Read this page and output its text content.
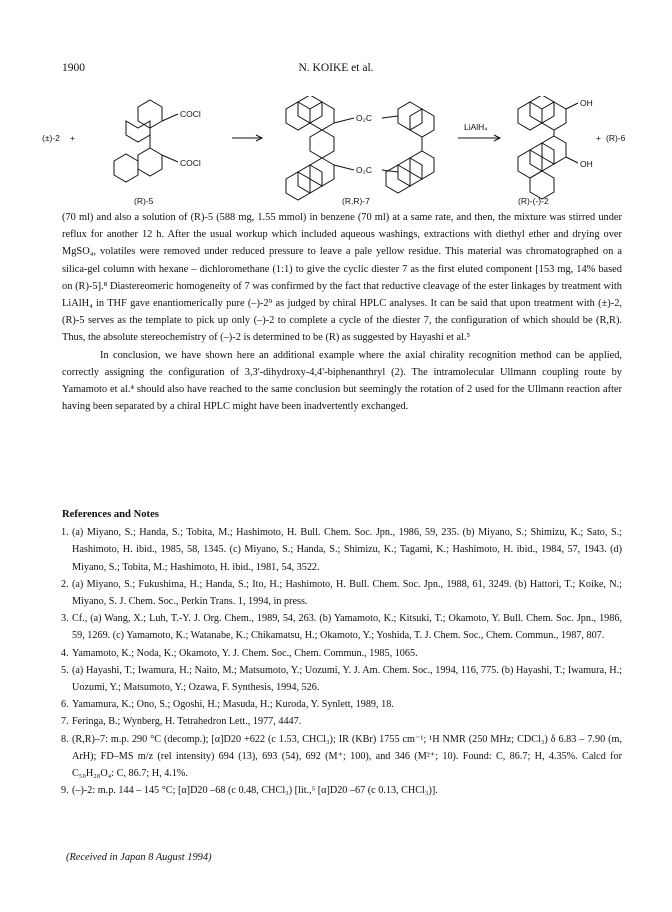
1900	N. KOIKE et al.
(±)-2 +
COCl
COCl
(R)-5
O₂C
O₂C
(R,R)-7
LiAlH₄
OH
OH
(R)-(-)-2
+ (R)-6

(70 ml) and also a solution of (R)-5 (588 mg, 1.55 mmol) in benzene (70 ml) at a same rate, and then, the mixture was stirred under reflux for another 12 h. After the usual workup which included aqueous washings, extractions with diethyl ether and drying over MgSO₄, volatiles were removed under reduced pressure to leave a pale yellow residue. This material was chromatographed on a silica-gel column with hexane – dichloromethane (1:1) to give the cyclic diester 7 as the first eluted component [153 mg, 14% based on (R)-5].⁸ Diastereomeric homogeneity of 7 was confirmed by the fact that reductive cleavage of the ester linkages by treatment with LiAlH₄ in THF gave enantiomerically pure (–)-2⁹ as judged by chiral HPLC analyses. It can be said that upon treatment with (±)-2, (R)-5 serves as the template to pick up only (–)-2 to complete a cycle of the diester 7, the configuration of which should be (R,R). Thus, the absolute stereochemistry of (–)-2 is determined to be (R) as suggested by Hayashi et al.⁵

In conclusion, we have shown here an additional example where the axial chirality recognition method can be applied, correctly assigning the configuration of 3,3'-dihydroxy-4,4'-biphenanthryl (2). The intramolecular Ullmann coupling route by Yamamoto et al.⁴ should also have reached to the same conclusion but seemingly the rotation of 2 used for the Ullmann reaction after having been separated by a chiral HPLC might have been inadvertently exchanged.

References and Notes
1. (a) Miyano, S.; Handa, S.; Tobita, M.; Hashimoto, H. Bull. Chem. Soc. Jpn., 1986, 59, 235. (b) Miyano, S.; Shimizu, K.; Sato, S.; Hashimoto, H. ibid., 1985, 58, 1345. (c) Miyano, S.; Handa, S.; Shimizu, K.; Tagami, K.; Hashimoto, H. ibid., 1984, 57, 1943. (d) Miyano, S.; Tobita, M.; Hashimoto, H. ibid., 1981, 54, 3522.
2. (a) Miyano, S.; Fukushima, H.; Handa, S.; Ito, H.; Hashimoto, H. Bull. Chem. Soc. Jpn., 1988, 61, 3249. (b) Hattori, T.; Koike, N.; Miyano, S. J. Chem. Soc., Perkin Trans. 1, 1994, in press.
3. Cf., (a) Wang, X.; Luh, T.-Y. J. Org. Chem., 1989, 54, 263. (b) Yamamoto, K.; Kitsuki, T.; Okamoto, Y. Bull. Chem. Soc. Jpn., 1986, 59, 1269. (c) Yamamoto, K.; Watanabe, K.; Chikamatsu, H.; Okamoto, Y.; Yoshida, T. J. Chem. Soc., Chem. Commun., 1987, 807.
4. Yamamoto, K.; Noda, K.; Okamoto, Y. J. Chem. Soc., Chem. Commun., 1985, 1065.
5. (a) Hayashi, T.; Iwamura, H.; Naito, M.; Matsumoto, Y.; Uozumi, Y. J. Am. Chem. Soc., 1994, 116, 775. (b) Hayashi, T.; Iwamura, H.; Uozumi, Y.; Matsumoto, Y.; Ozawa, F. Synthesis, 1994, 526.
6. Yamamura, K.; Ono, S.; Ogoshi, H.; Masuda, H.; Kuroda, Y. Synlett, 1989, 18.
7. Feringa, B.; Wynberg, H. Tetrahedron Lett., 1977, 4447.
8. (R,R)–7: m.p. 290 °C (decomp.); [α]D20 +622 (c 1.53, CHCl₃); IR (KBr) 1755 cm⁻¹; ¹H NMR (250 MHz; CDCl₃) δ 6.83 – 7.90 (m, ArH); FD–MS m/z (rel intensity) 694 (13), 693 (54), 692 (M⁺; 100), and 346 (M²⁺; 10). Found: C, 86.7; H, 4.35%. Calcd for C₅₀H₂₈O₄: C, 86.7; H, 4.1%.
9. (–)-2: m.p. 144 – 145 °C; [α]D20 –68 (c 0.48, CHCl₃) [lit.,⁵ [α]D20 –67 (c 0.13, CHCl₃)].
(Received in Japan 8 August 1994)
